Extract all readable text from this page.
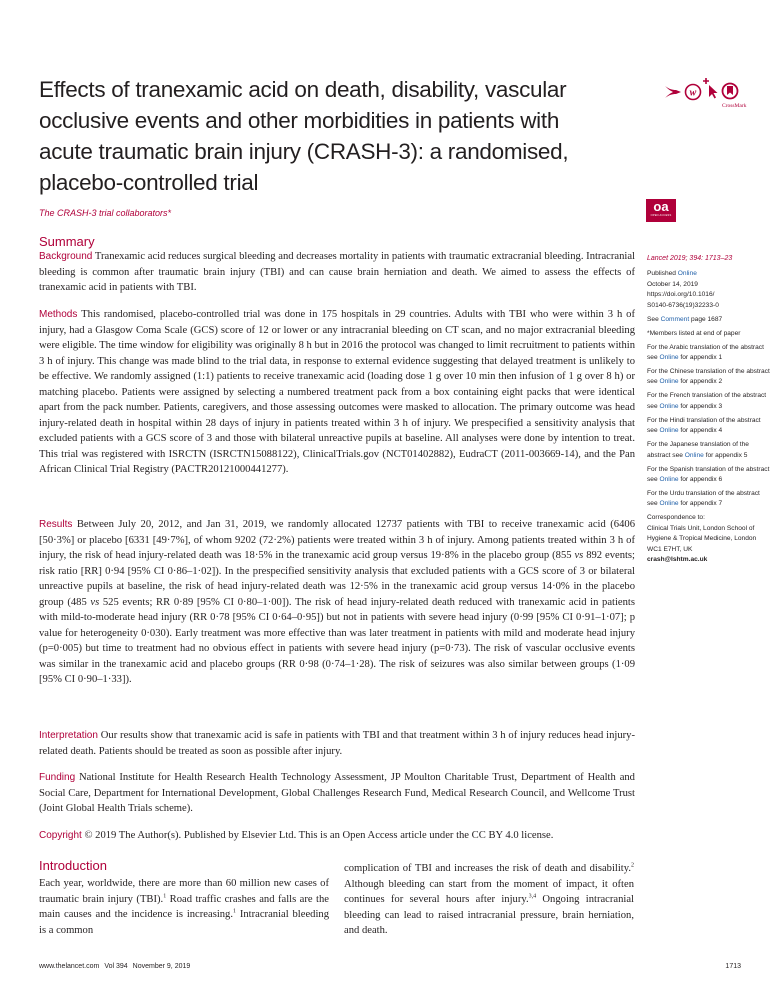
Effects of tranexamic acid on death, disability, vascular occlusive events and other morbidities in patients with acute traumatic brain injury (CRASH-3): a randomised, placebo-controlled trial
The CRASH-3 trial collaborators*
w
CrossMark
oa
OPEN ACCESS
Summary

Background Tranexamic acid reduces surgical bleeding and decreases mortality in patients with traumatic extracranial bleeding. Intracranial bleeding is common after traumatic brain injury (TBI) and can cause brain herniation and death. We aimed to assess the effects of tranexamic acid in patients with TBI.

Methods This randomised, placebo-controlled trial was done in 175 hospitals in 29 countries. Adults with TBI who were within 3 h of injury, had a Glasgow Coma Scale (GCS) score of 12 or lower or any intracranial bleeding on CT scan, and no major extracranial bleeding were eligible. The time window for eligibility was originally 8 h but in 2016 the protocol was changed to limit recruitment to patients within 3 h of injury. This change was made blind to the trial data, in response to external evidence suggesting that delayed treatment is unlikely to be effective. We randomly assigned (1:1) patients to receive tranexamic acid (loading dose 1 g over 10 min then infusion of 1 g over 8 h) or matching placebo. Patients were assigned by selecting a numbered treatment pack from a box containing eight packs that were identical apart from the pack number. Patients, caregivers, and those assessing outcomes were masked to allocation. The primary outcome was head injury-related death in hospital within 28 days of injury in patients treated within 3 h of injury. We prespecified a sensitivity analysis that excluded patients with a GCS score of 3 and those with bilateral unreactive pupils at baseline. All analyses were done by intention to treat. This trial was registered with ISRCTN (ISRCTN15088122), ClinicalTrials.gov (NCT01402882), EudraCT (2011-003669-14), and the Pan African Clinical Trial Registry (PACTR20121000441277).

Results Between July 20, 2012, and Jan 31, 2019, we randomly allocated 12737 patients with TBI to receive tranexamic acid (6406 [50·3%] or placebo [6331 [49·7%], of whom 9202 (72·2%) patients were treated within 3 h of injury. Among patients treated within 3 h of injury, the risk of head injury-related death was 18·5% in the tranexamic acid group versus 19·8% in the placebo group (855 vs 892 events; risk ratio [RR] 0·94 [95% CI 0·86–1·02]). In the prespecified sensitivity analysis that excluded patients with a GCS score of 3 or bilateral unreactive pupils at baseline, the risk of head injury-related death was 12·5% in the tranexamic acid group versus 14·0% in the placebo group (485 vs 525 events; RR 0·89 [95% CI 0·80–1·00]). The risk of head injury-related death reduced with tranexamic acid in patients with mild-to-moderate head injury (RR 0·78 [95% CI 0·64–0·95]) but not in patients with severe head injury (0·99 [95% CI 0·91–1·07]; p value for heterogeneity 0·030). Early treatment was more effective than was later treatment in patients with mild and moderate head injury (p=0·005) but time to treatment had no obvious effect in patients with severe head injury (p=0·73). The risk of vascular occlusive events was similar in the tranexamic acid and placebo groups (RR 0·98 (0·74–1·28). The risk of seizures was also similar between groups (1·09 [95% CI 0·90–1·33]).

Interpretation Our results show that tranexamic acid is safe in patients with TBI and that treatment within 3 h of injury reduces head injury-related death. Patients should be treated as soon as possible after injury.

Funding National Institute for Health Research Health Technology Assessment, JP Moulton Charitable Trust, Department of Health and Social Care, Department for International Development, Global Challenges Research Fund, Medical Research Council, and Wellcome Trust (Joint Global Health Trials scheme).

Copyright © 2019 The Author(s). Published by Elsevier Ltd. This is an Open Access article under the CC BY 4.0 license.

Introduction

Each year, worldwide, there are more than 60 million new cases of traumatic brain injury (TBI).$^1$ Road traffic crashes and falls are the main causes and the incidence is increasing.$^1$ Intracranial bleeding is a common

complication of TBI and increases the risk of death and disability.$^2$ Although bleeding can start from the moment of impact, it often continues for several hours after injury.$^{3,4}$ Ongoing intracranial bleeding can lead to raised intracranial pressure, brain herniation, and death.

Lancet 2019; 394: 1713–23

Published Online
October 14, 2019
https://doi.org/10.1016/
S0140-6736(19)32233-0

See Comment page 1687

*Members listed at end of paper

For the Arabic translation of the abstract see Online for appendix 1

For the Chinese translation of the abstract see Online for appendix 2

For the French translation of the abstract see Online for appendix 3

For the Hindi translation of the abstract see Online for appendix 4

For the Japanese translation of the abstract see Online for appendix 5

For the Spanish translation of the abstract see Online for appendix 6

For the Urdu translation of the abstract see Online for appendix 7

Correspondence to:
Clinical Trials Unit, London School of Hygiene & Tropical Medicine, London WC1 E7HT, UK
crash@lshtm.ac.uk

www.thelancet.com Vol 394 November 9, 2019	1713
